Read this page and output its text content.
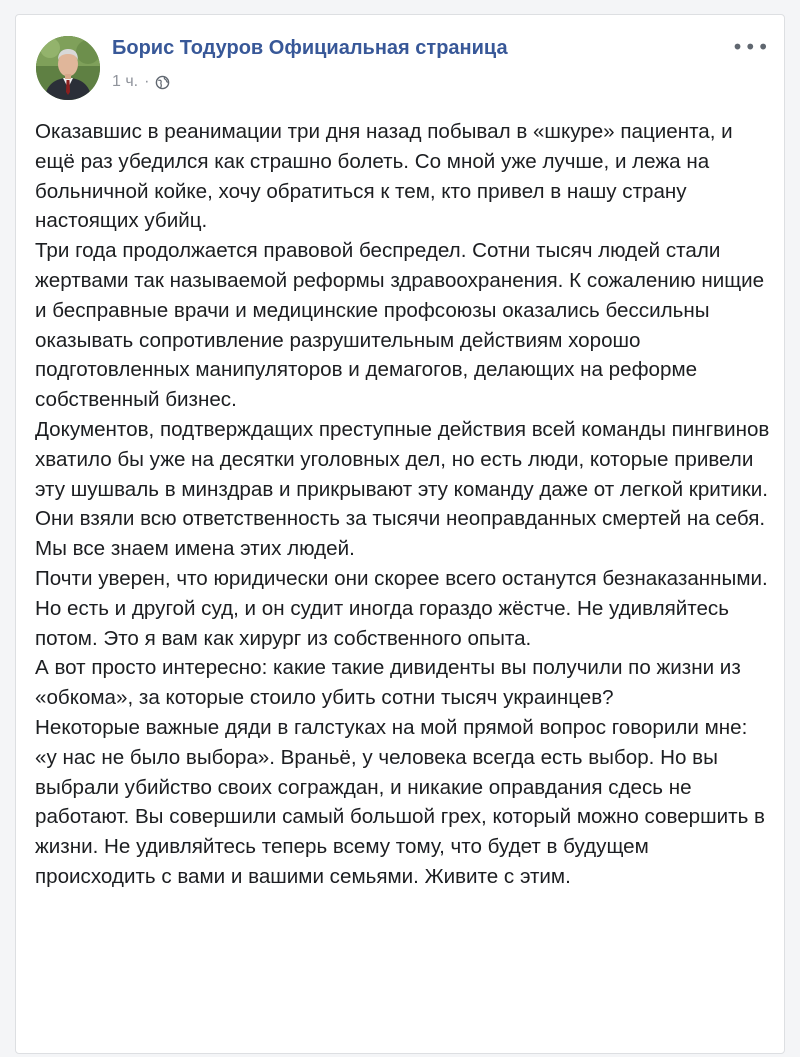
Борис Тодуров Официальная страница
1 ч. ·
•••

Оказавшис в реанимации три дня назад побывал в «шкуре» пациента, и ещё раз убедился как страшно болеть. Со мной уже лучше, и лежа на больничной койке, хочу обратиться к тем, кто привел в нашу страну настоящих убийц.

Три года продолжается правовой беспредел. Сотни тысяч людей стали жертвами так называемой реформы здравоохранения. К сожалению нищие и бесправные врачи и медицинские профсоюзы оказались бессильны оказывать сопротивление разрушительным действиям хорошо подготовленных манипуляторов и демагогов, делающих на реформе собственный бизнес.

Документов, подтверждащих преступные действия всей команды пингвинов хватило бы уже на десятки уголовных дел, но есть люди, которые привели эту шушваль в минздрав и прикрывают эту команду даже от легкой критики. Они взяли всю ответственность за тысячи неоправданных смертей на себя. Мы все знаем имена этих людей.

Почти уверен, что юридически они скорее всего останутся безнаказанными. Но есть и другой суд, и он судит иногда гораздо жёстче. Не удивляйтесь потом. Это я вам как хирург из собственного опыта.

А вот просто интересно: какие такие дивиденты вы получили по жизни из «обкома», за которые стоило убить сотни тысяч украинцев?

Некоторые важные дяди в галстуках на мой прямой вопрос говорили мне: «у нас не было выбора». Враньё, у человека всегда есть выбор. Но вы выбрали убийство своих сограждан, и никакие оправдания сдесь не работают. Вы совершили самый большой грех, который можно совершить в жизни. Не удивляйтесь теперь всему тому, что будет в будущем происходить с вами и вашими семьями. Живите с этим.
